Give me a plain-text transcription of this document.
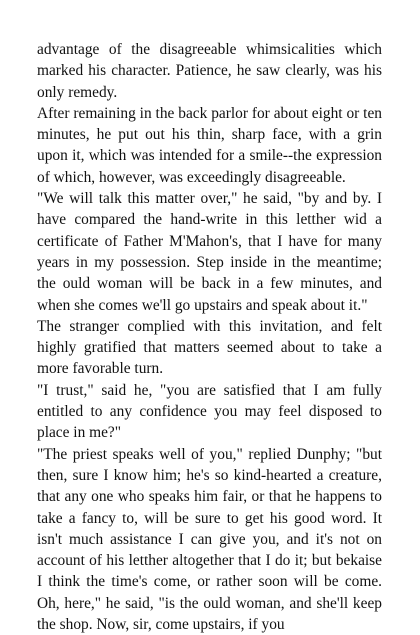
advantage of the disagreeable whimsicalities which marked his character. Patience, he saw clearly, was his only remedy.

After remaining in the back parlor for about eight or ten minutes, he put out his thin, sharp face, with a grin upon it, which was intended for a smile--the expression of which, however, was exceedingly disagreeable.

"We will talk this matter over," he said, "by and by. I have compared the hand-write in this letther wid a certificate of Father M'Mahon's, that I have for many years in my possession. Step inside in the meantime; the ould woman will be back in a few minutes, and when she comes we'll go upstairs and speak about it."

The stranger complied with this invitation, and felt highly gratified that matters seemed about to take a more favorable turn.

"I trust," said he, "you are satisfied that I am fully entitled to any confidence you may feel disposed to place in me?"

"The priest speaks well of you," replied Dunphy; "but then, sure I know him; he's so kind-hearted a creature, that any one who speaks him fair, or that he happens to take a fancy to, will be sure to get his good word. It isn't much assistance I can give you, and it's not on account of his letther altogether that I do it; but bekaise I think the time's come, or rather soon will be come. Oh, here," he said, "is the ould woman, and she'll keep the shop. Now, sir, come upstairs, if you
